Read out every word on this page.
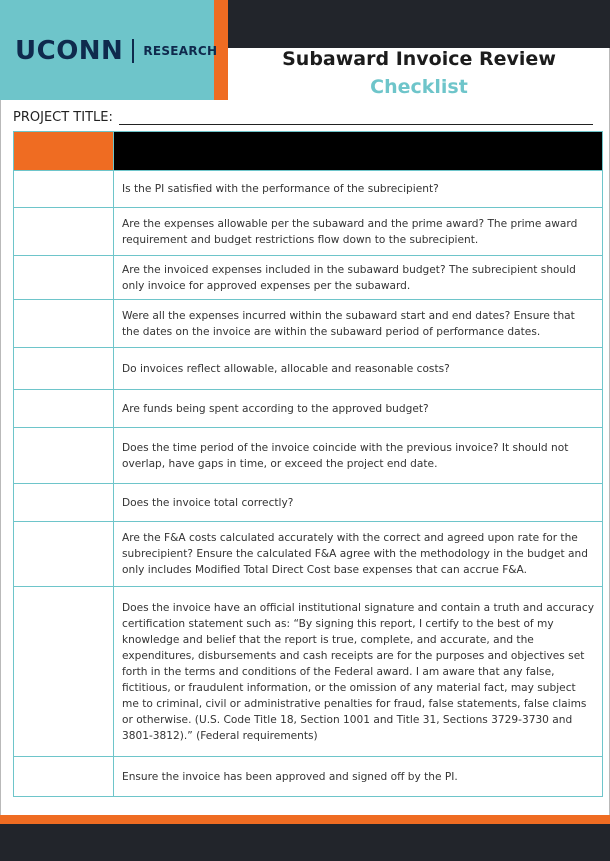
UCONN RESEARCH	Subaward Invoice Review
Checklist
PROJECT TITLE:

	Is the PI satisfied with the performance of the subrecipient?
	Are the expenses allowable per the subaward and the prime award? The prime award requirement and budget restrictions flow down to the subrecipient.
	Are the invoiced expenses included in the subaward budget? The subrecipient should only invoice for approved expenses per the subaward.
	Were all the expenses incurred within the subaward start and end dates? Ensure that the dates on the invoice are within the subaward period of performance dates.
	Do invoices reflect allowable, allocable and reasonable costs?
	Are funds being spent according to the approved budget?
	Does the time period of the invoice coincide with the previous invoice? It should not overlap, have gaps in time, or exceed the project end date.
	Does the invoice total correctly?
	Are the F&A costs calculated accurately with the correct and agreed upon rate for the subrecipient? Ensure the calculated F&A agree with the methodology in the budget and only includes Modified Total Direct Cost base expenses that can accrue F&A.
	Does the invoice have an official institutional signature and contain a truth and accuracy certification statement such as: “By signing this report, I certify to the best of my knowledge and belief that the report is true, complete, and accurate, and the expenditures, disbursements and cash receipts are for the purposes and objectives set forth in the terms and conditions of the Federal award. I am aware that any false, fictitious, or fraudulent information, or the omission of any material fact, may subject me to criminal, civil or administrative penalties for fraud, false statements, false claims or otherwise. (U.S. Code Title 18, Section 1001 and Title 31, Sections 3729-3730 and 3801-3812).” (Federal requirements)
	Ensure the invoice has been approved and signed off by the PI.
